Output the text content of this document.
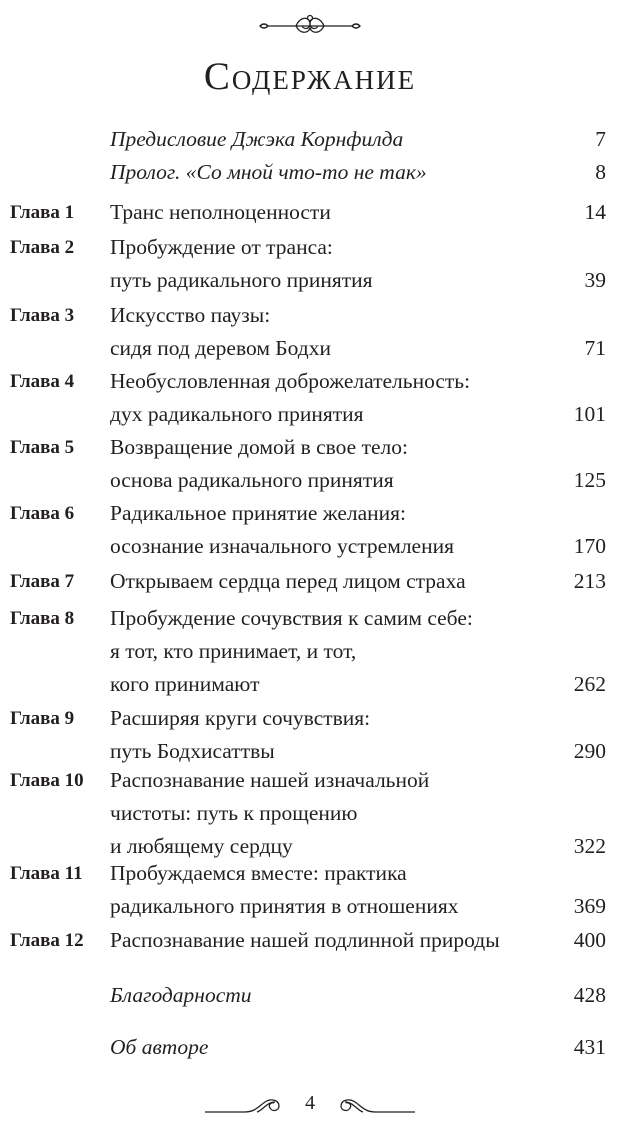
Содержание
Предисловие Джэка Корнфилда	7
Пролог. «Со мной что-то не так»	8
Глава 1 Транс неполноценности	14
Глава 2 Пробуждение от транса:
путь радикального принятия	39
Глава 3 Искусство паузы:
сидя под деревом Бодхи	71
Глава 4 Необусловленная доброжелательность:
дух радикального принятия	101
Глава 5 Возвращение домой в свое тело:
основа радикального принятия	125
Глава 6 Радикальное принятие желания:
осознание изначального устремления	170
Глава 7 Открываем сердца перед лицом страха	213
Глава 8 Пробуждение сочувствия к самим себе:
я тот, кто принимает, и тот,
кого принимают	262
Глава 9 Расширяя круги сочувствия:
путь Бодхисаттвы	290
Глава 10 Распознавание нашей изначальной
чистоты: путь к прощению
и любящему сердцу	322
Глава 11 Пробуждаемся вместе: практика
радикального принятия в отношениях	369
Глава 12 Распознавание нашей подлинной природы	400
Благодарности	428
Об авторе	431
4
